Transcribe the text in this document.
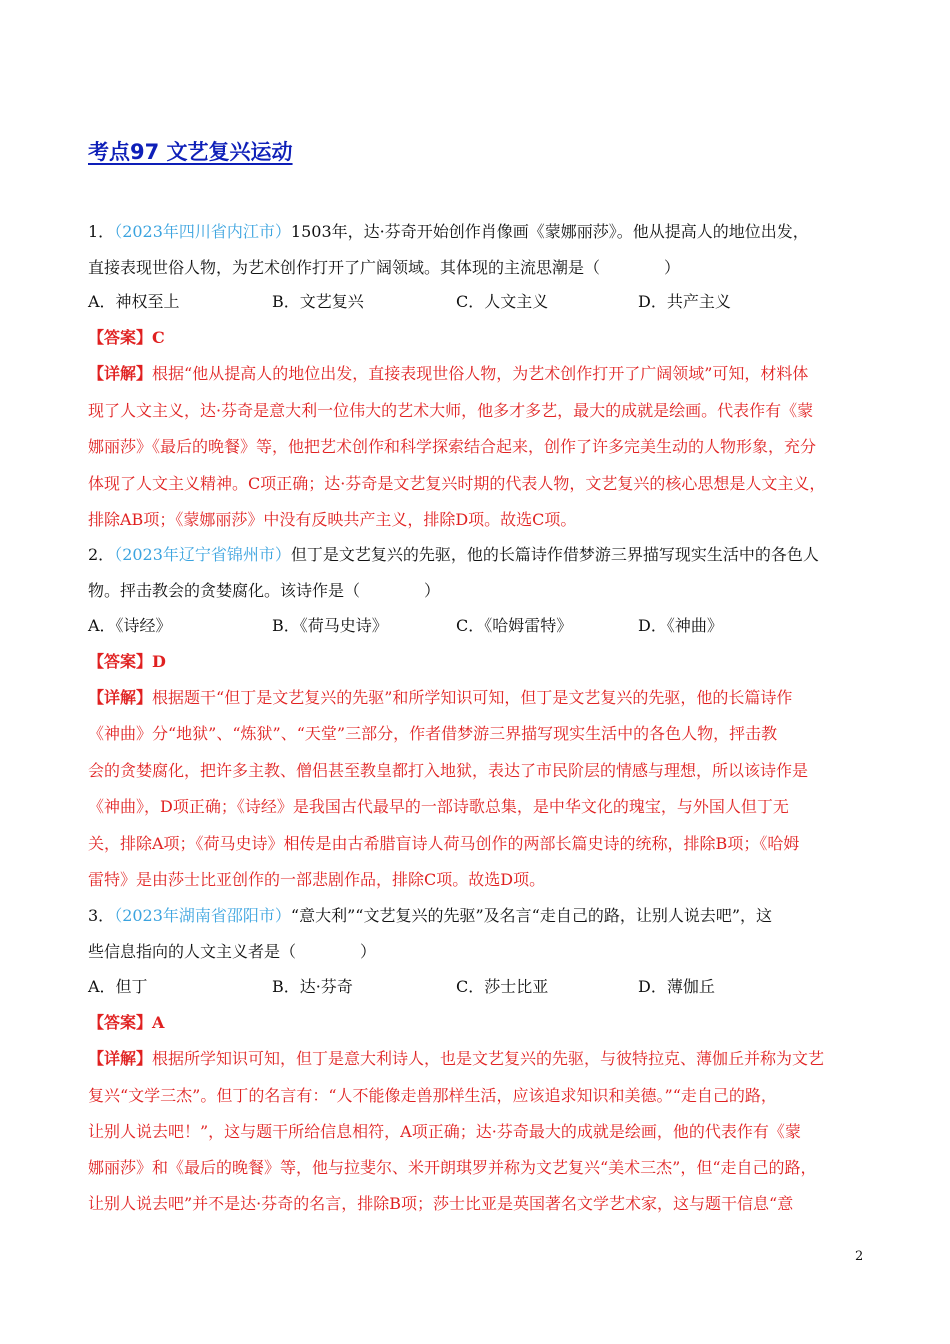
考点97 文艺复兴运动
1．（2023年四川省内江市）1503年，达·芬奇开始创作肖像画《蒙娜丽莎》。他从提高人的地位出发，
直接表现世俗人物，为艺术创作打开了广阔领域。其体现的主流思潮是（　　　　）
A．神权至上	B．文艺复兴	C．人文主义	D．共产主义
【答案】C
【详解】根据“他从提高人的地位出发，直接表现世俗人物，为艺术创作打开了广阔领域”可知，材料体
现了人文主义，达·芬奇是意大利一位伟大的艺术大师，他多才多艺，最大的成就是绘画。代表作有《蒙
娜丽莎》《最后的晚餐》等，他把艺术创作和科学探索结合起来，创作了许多完美生动的人物形象，充分
体现了人文主义精神。C项正确；达·芬奇是文艺复兴时期的代表人物，文艺复兴的核心思想是人文主义，
排除AB项；《蒙娜丽莎》中没有反映共产主义，排除D项。故选C项。
2．（2023年辽宁省锦州市）但丁是文艺复兴的先驱，他的长篇诗作借梦游三界描写现实生活中的各色人
物。抨击教会的贪婪腐化。该诗作是（　　　　）
A．《诗经》	B．《荷马史诗》	C．《哈姆雷特》	D．《神曲》
【答案】D
【详解】根据题干“但丁是文艺复兴的先驱”和所学知识可知，但丁是文艺复兴的先驱，他的长篇诗作
《神曲》分“地狱”、“炼狱”、“天堂”三部分，作者借梦游三界描写现实生活中的各色人物，抨击教
会的贪婪腐化，把许多主教、僧侣甚至教皇都打入地狱，表达了市民阶层的情感与理想，所以该诗作是
《神曲》，D项正确；《诗经》是我国古代最早的一部诗歌总集，是中华文化的瑰宝，与外国人但丁无
关，排除A项；《荷马史诗》相传是由古希腊盲诗人荷马创作的两部长篇史诗的统称，排除B项；《哈姆
雷特》是由莎士比亚创作的一部悲剧作品，排除C项。故选D项。
3．（2023年湖南省邵阳市）“意大利”“文艺复兴的先驱”及名言“走自己的路，让别人说去吧”，这
些信息指向的人文主义者是（　　　　）
A．但丁	B．达·芬奇	C．莎士比亚	D．薄伽丘
【答案】A
【详解】根据所学知识可知，但丁是意大利诗人，也是文艺复兴的先驱，与彼特拉克、薄伽丘并称为文艺
复兴“文学三杰”。但丁的名言有：“人不能像走兽那样生活，应该追求知识和美德。”“走自己的路，
让别人说去吧！”，这与题干所给信息相符，A项正确；达·芬奇最大的成就是绘画，他的代表作有《蒙
娜丽莎》和《最后的晚餐》等，他与拉斐尔、米开朗琪罗并称为文艺复兴“美术三杰”，但“走自己的路，
让别人说去吧”并不是达·芬奇的名言，排除B项；莎士比亚是英国著名文学艺术家，这与题干信息“意
2
